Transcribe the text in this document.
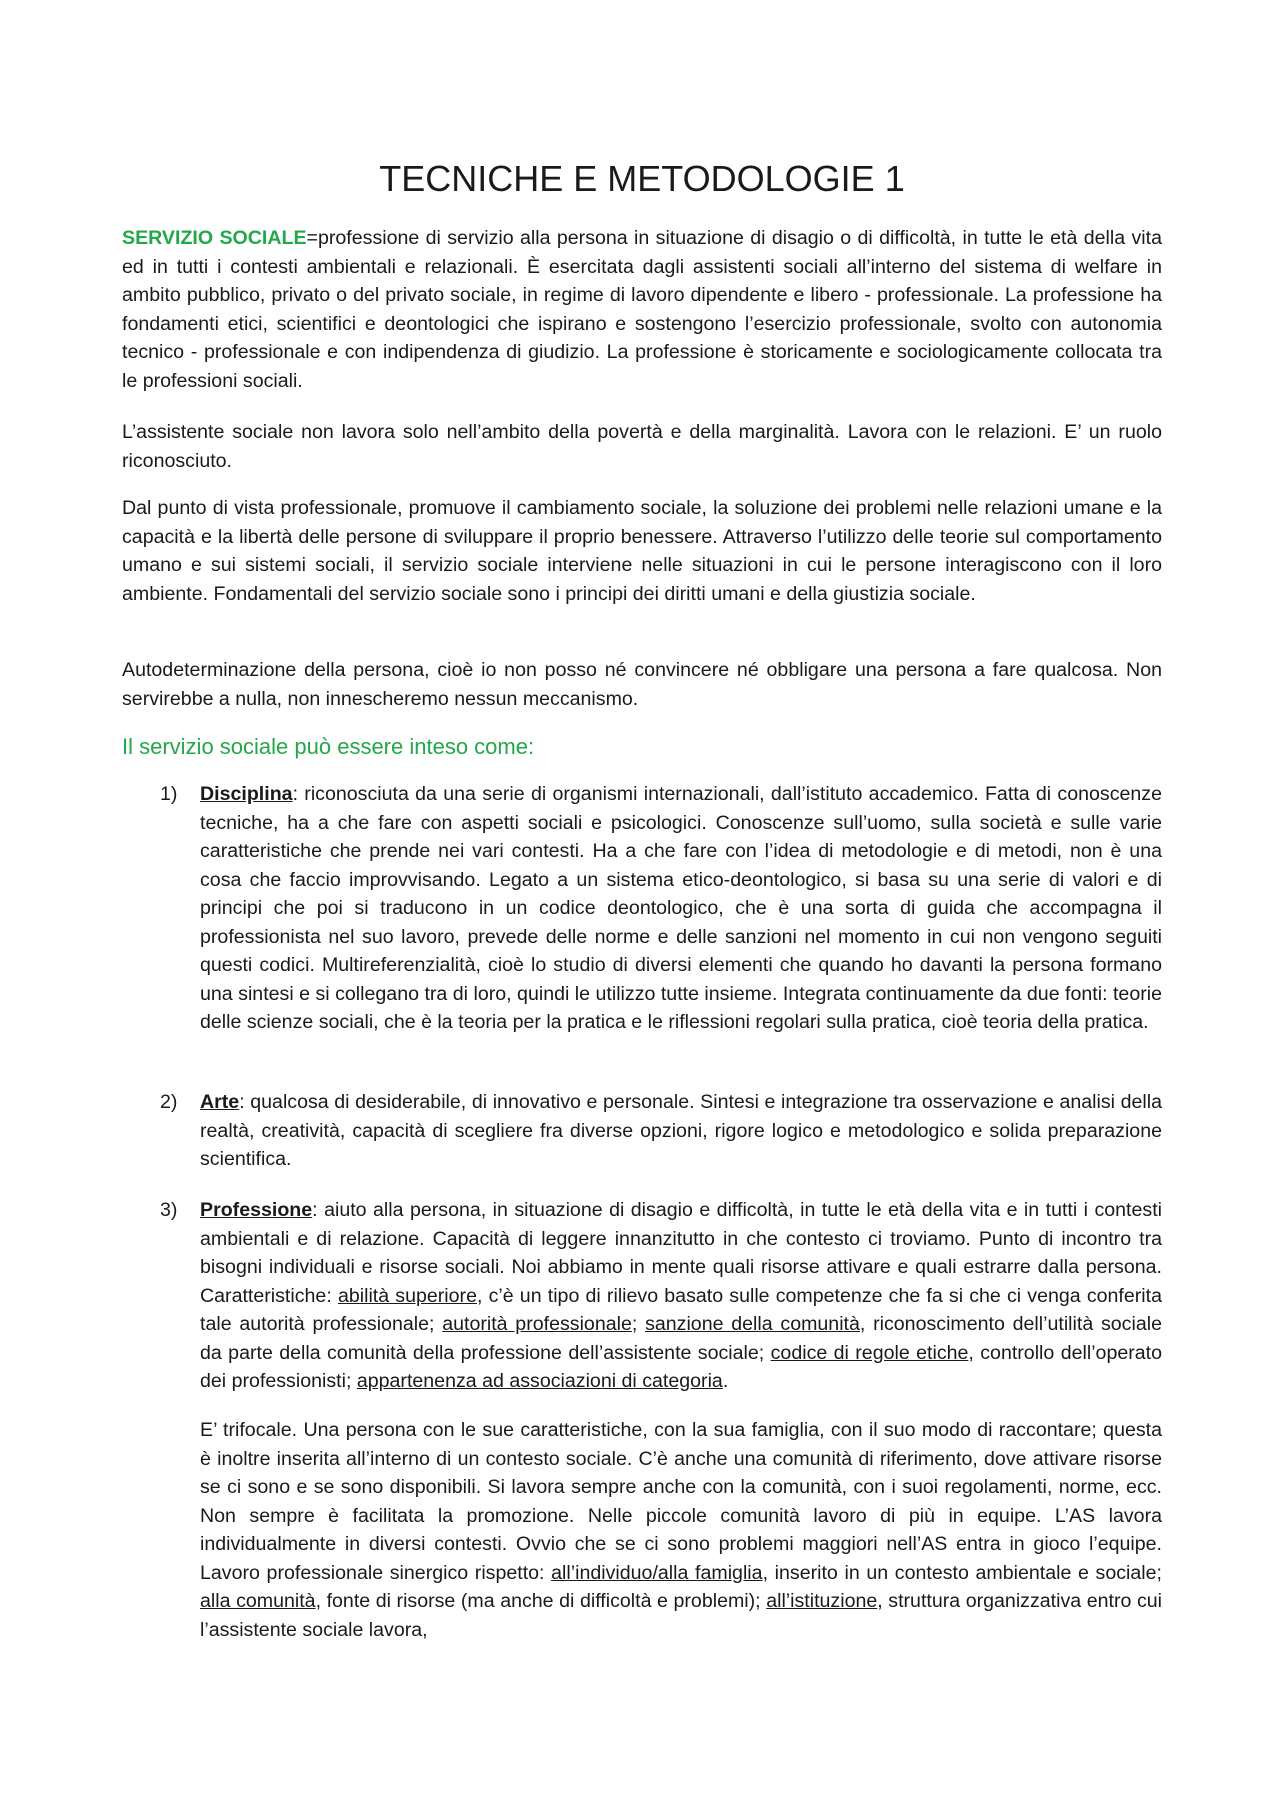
TECNICHE E METODOLOGIE 1

SERVIZIO SOCIALE=professione di servizio alla persona in situazione di disagio o di difficoltà, in tutte le età della vita ed in tutti i contesti ambientali e relazionali. È esercitata dagli assistenti sociali all’interno del sistema di welfare in ambito pubblico, privato o del privato sociale, in regime di lavoro dipendente e libero - professionale. La professione ha fondamenti etici, scientifici e deontologici che ispirano e sostengono l’esercizio professionale, svolto con autonomia tecnico - professionale e con indipendenza di giudizio. La professione è storicamente e sociologicamente collocata tra le professioni sociali.

L’assistente sociale non lavora solo nell’ambito della povertà e della marginalità. Lavora con le relazioni. E’ un ruolo riconosciuto.

Dal punto di vista professionale, promuove il cambiamento sociale, la soluzione dei problemi nelle relazioni umane e la capacità e la libertà delle persone di sviluppare il proprio benessere. Attraverso l’utilizzo delle teorie sul comportamento umano e sui sistemi sociali, il servizio sociale interviene nelle situazioni in cui le persone interagiscono con il loro ambiente. Fondamentali del servizio sociale sono i principi dei diritti umani e della giustizia sociale.

Autodeterminazione della persona, cioè io non posso né convincere né obbligare una persona a fare qualcosa. Non servirebbe a nulla, non innescheremo nessun meccanismo.

Il servizio sociale può essere inteso come:
1) Disciplina: riconosciuta da una serie di organismi internazionali, dall’istituto accademico. Fatta di conoscenze tecniche, ha a che fare con aspetti sociali e psicologici. Conoscenze sull’uomo, sulla società e sulle varie caratteristiche che prende nei vari contesti. Ha a che fare con l’idea di metodologie e di metodi, non è una cosa che faccio improvvisando. Legato a un sistema etico-deontologico, si basa su una serie di valori e di principi che poi si traducono in un codice deontologico, che è una sorta di guida che accompagna il professionista nel suo lavoro, prevede delle norme e delle sanzioni nel momento in cui non vengono seguiti questi codici. Multireferenzialità, cioè lo studio di diversi elementi che quando ho davanti la persona formano una sintesi e si collegano tra di loro, quindi le utilizzo tutte insieme. Integrata continuamente da due fonti: teorie delle scienze sociali, che è la teoria per la pratica e le riflessioni regolari sulla pratica, cioè teoria della pratica.

2) Arte: qualcosa di desiderabile, di innovativo e personale. Sintesi e integrazione tra osservazione e analisi della realtà, creatività, capacità di scegliere fra diverse opzioni, rigore logico e metodologico e solida preparazione scientifica.

3) Professione: aiuto alla persona, in situazione di disagio e difficoltà, in tutte le età della vita e in tutti i contesti ambientali e di relazione. Capacità di leggere innanzitutto in che contesto ci troviamo. Punto di incontro tra bisogni individuali e risorse sociali. Noi abbiamo in mente quali risorse attivare e quali estrarre dalla persona. Caratteristiche: abilità superiore, c’è un tipo di rilievo basato sulle competenze che fa si che ci venga conferita tale autorità professionale; autorità professionale; sanzione della comunità, riconoscimento dell’utilità sociale da parte della comunità della professione dell’assistente sociale; codice di regole etiche, controllo dell’operato dei professionisti; appartenenza ad associazioni di categoria.

E’ trifocale. Una persona con le sue caratteristiche, con la sua famiglia, con il suo modo di raccontare; questa è inoltre inserita all’interno di un contesto sociale. C’è anche una comunità di riferimento, dove attivare risorse se ci sono e se sono disponibili. Si lavora sempre anche con la comunità, con i suoi regolamenti, norme, ecc. Non sempre è facilitata la promozione. Nelle piccole comunità lavoro di più in equipe. L’AS lavora individualmente in diversi contesti. Ovvio che se ci sono problemi maggiori nell’AS entra in gioco l’equipe. Lavoro professionale sinergico rispetto: all’individuo/alla famiglia, inserito in un contesto ambientale e sociale; alla comunità, fonte di risorse (ma anche di difficoltà e problemi); all’istituzione, struttura organizzativa entro cui l’assistente sociale lavora,
